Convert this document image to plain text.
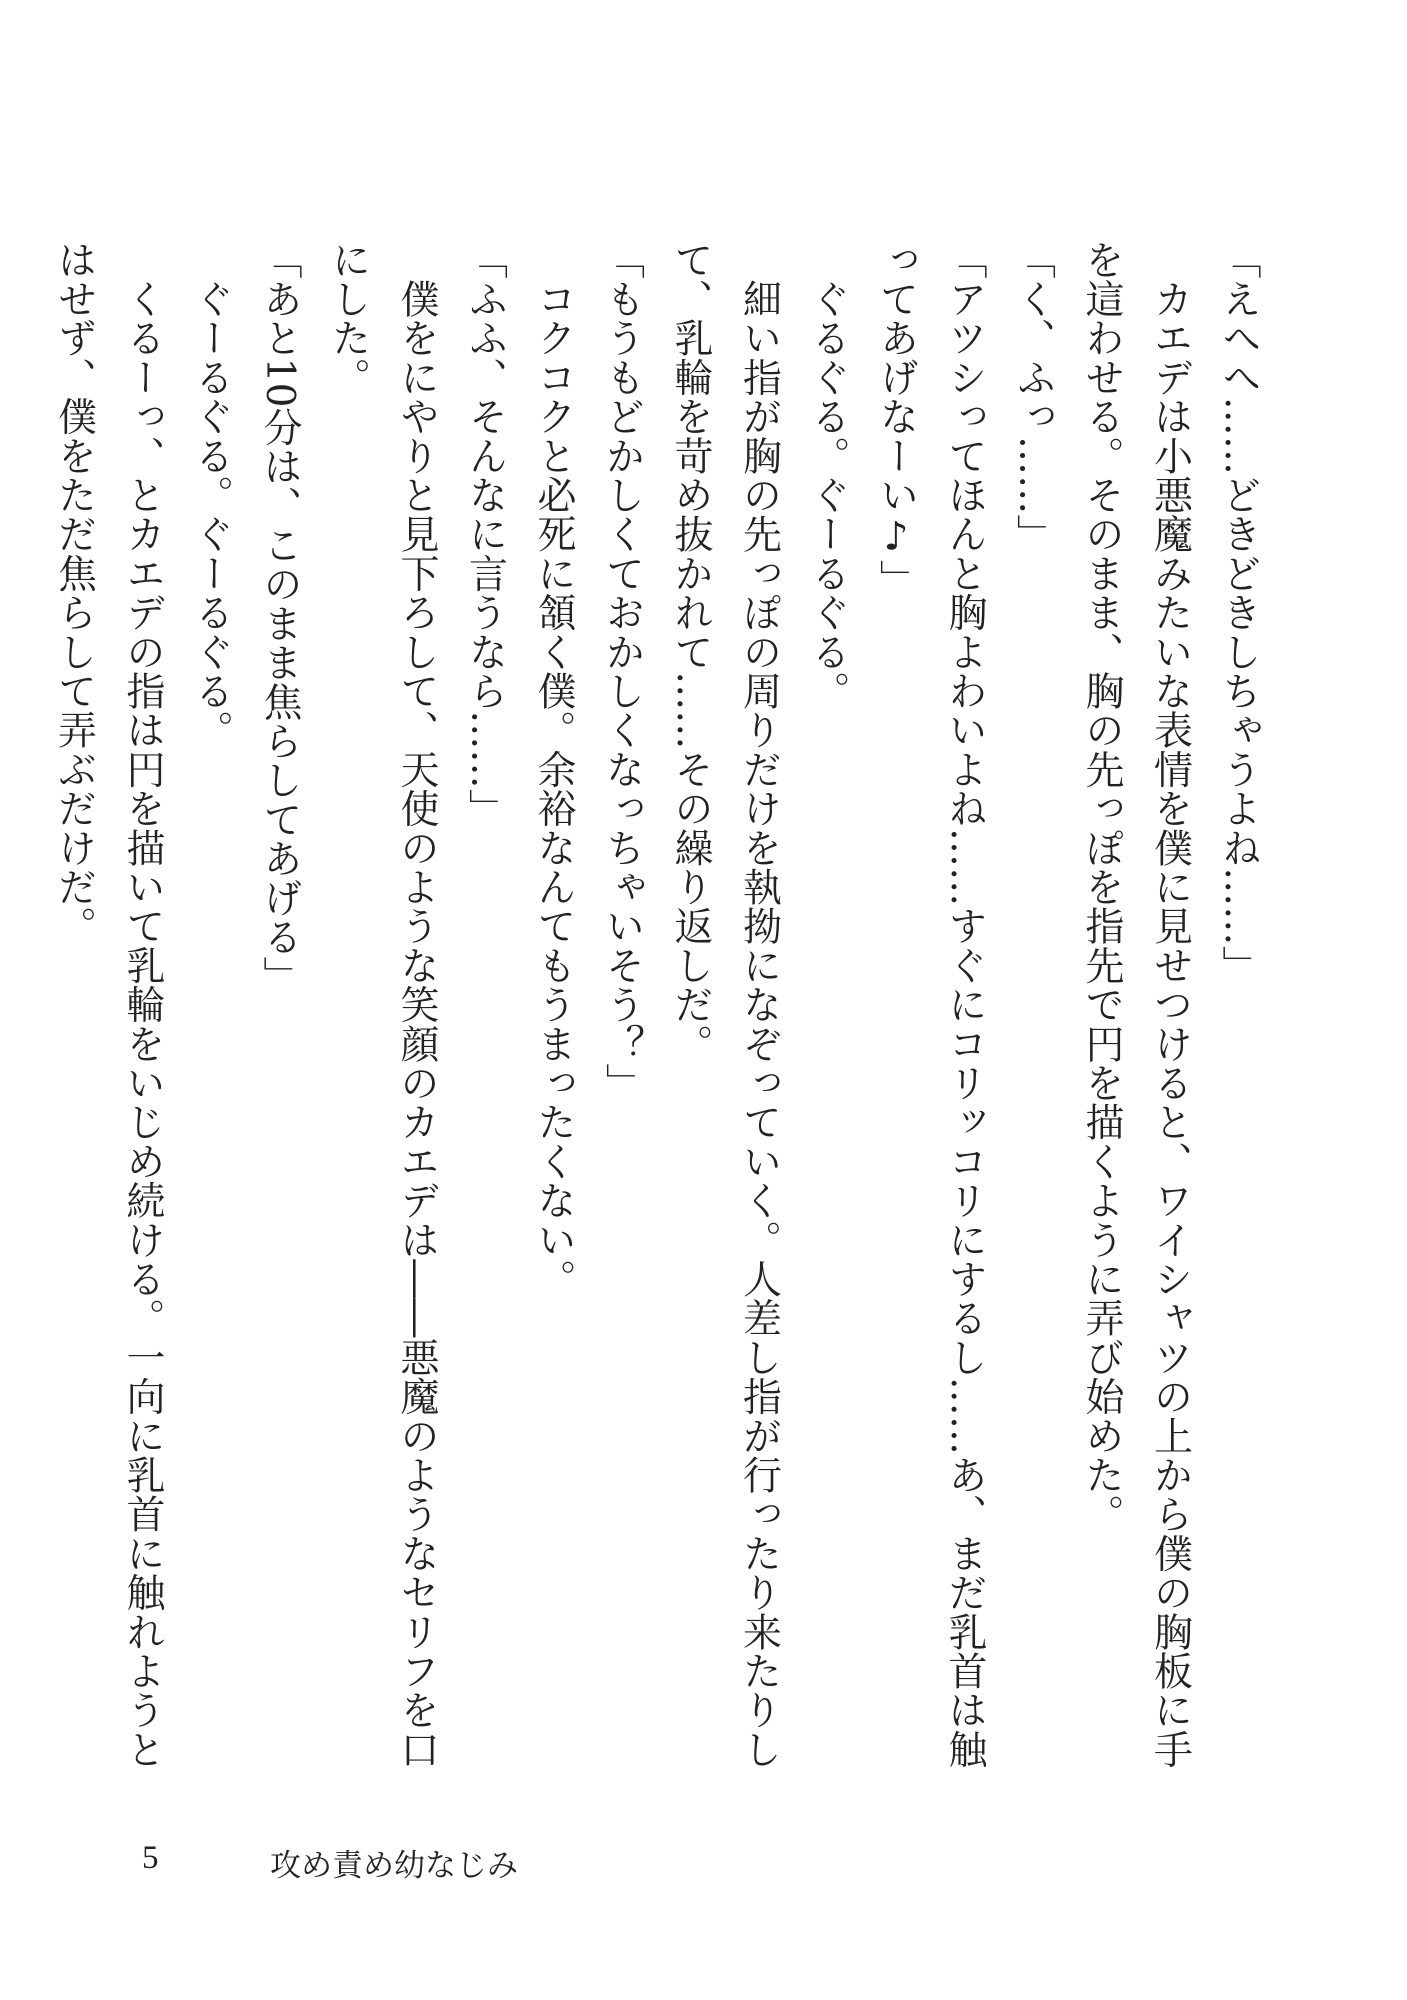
「えへへ……どきどきしちゃうよね……」

　カエデは小悪魔みたいな表情を僕に見せつけると、ワイシャツの上から僕の胸板に手を這わせる。そのまま、胸の先っぽを指先で円を描くように弄び始めた。

「く、ふっ……」

「アツシってほんと胸よわいよね……すぐにコリッコリにするし……あ、まだ乳首は触ってあげなーい♪」

　ぐるぐる。ぐーるぐる。

　細い指が胸の先っぽの周りだけを執拗になぞっていく。人差し指が行ったり来たりして、乳輪を苛め抜かれて……その繰り返しだ。

「もうもどかしくておかしくなっちゃいそう？」

　コクコクと必死に頷く僕。余裕なんてもうまったくない。

「ふふ、そんなに言うなら……」

　僕をにやりと見下ろして、天使のような笑顔のカエデは――悪魔のようなセリフを口にした。

「あと10分は、このまま焦らしてあげる」

　ぐーるぐる。ぐーるぐる。

　くるーっ、とカエデの指は円を描いて乳輪をいじめ続ける。一向に乳首に触れようとはせず、僕をただ焦らして弄ぶだけだ。

5	攻め責め幼なじみ
